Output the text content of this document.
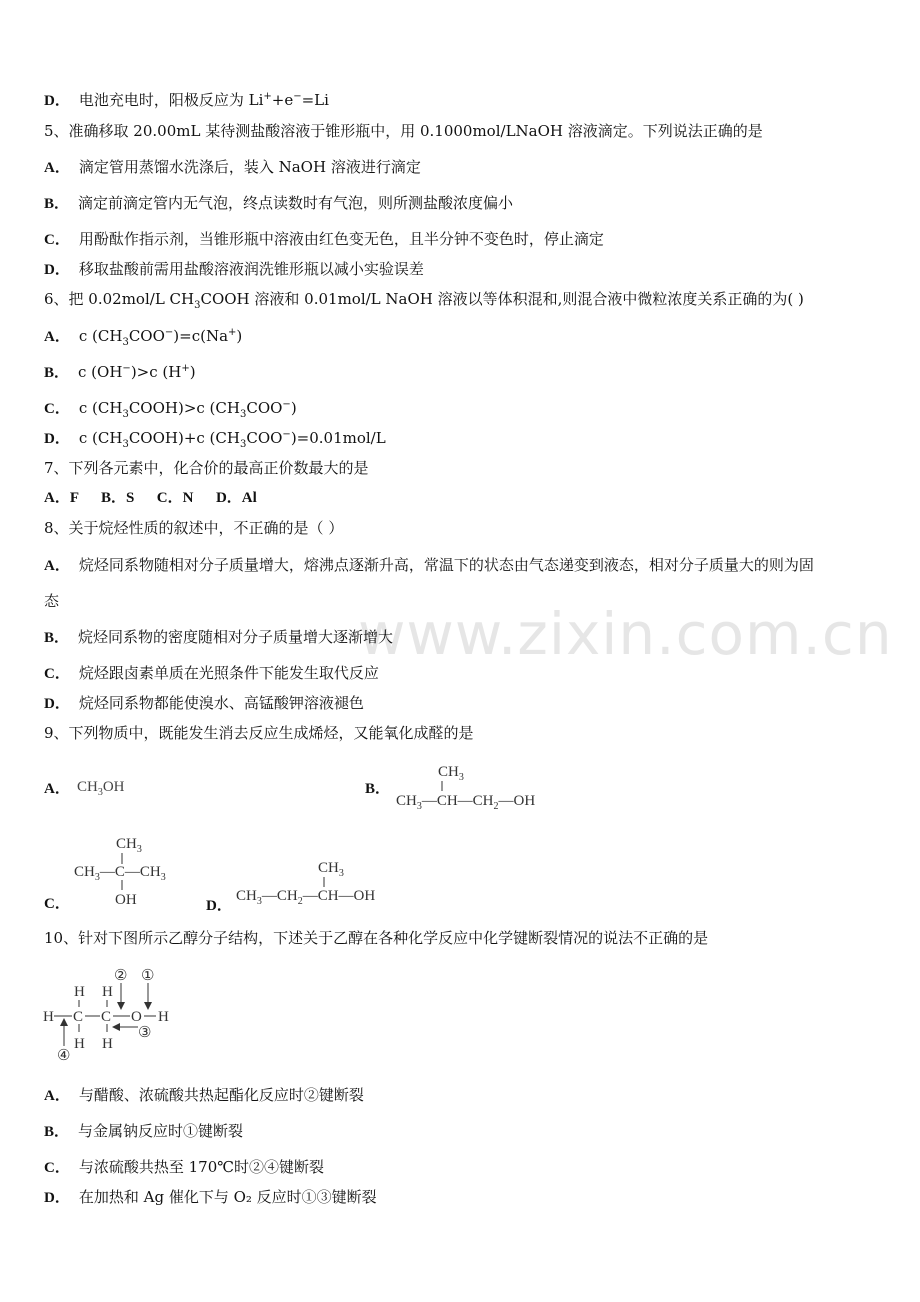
www.zixin.com.cn
D． 电池充电时，阳极反应为 Li++e−=Li
5、准确移取 20.00mL 某待测盐酸溶液于锥形瓶中，用 0.1000mol/LNaOH 溶液滴定。下列说法正确的是
A． 滴定管用蒸馏水洗涤后，装入 NaOH 溶液进行滴定
B． 滴定前滴定管内无气泡，终点读数时有气泡，则所测盐酸浓度偏小
C． 用酚酞作指示剂，当锥形瓶中溶液由红色变无色，且半分钟不变色时，停止滴定
D． 移取盐酸前需用盐酸溶液润洗锥形瓶以减小实验误差
6、把 0.02mol/L $CH_3COOH$ 溶液和 0.01mol/L NaOH 溶液以等体积混和,则混合液中微粒浓度关系正确的为( )
A． c $(CH_3COO^-)=c(Na^+)$
B． c (OH−)>c (H+)
C． c $(CH_3COOH)>c$ $(CH_3COO^-)$
D． c $(CH_3COOH)+c$ $(CH_3COO^-)=0.01mol/L$
7、下列各元素中，化合价的最高正价数最大的是
A．F      B．S      C．N      D．Al
8、关于烷烃性质的叙述中，不正确的是（ ）
A． 烷烃同系物随相对分子质量增大，熔沸点逐渐升高，常温下的状态由气态递变到液态，相对分子质量大的则为固
态
B． 烷烃同系物的密度随相对分子质量增大逐渐增大
C． 烷烃跟卤素单质在光照条件下能发生取代反应
D． 烷烃同系物都能使溴水、高锰酸钾溶液褪色
9、下列物质中，既能发生消去反应生成烯烃，又能氧化成醛的是
A． $CH_3OH$	B．
$CH_3$
$CH_3—CH—CH_2—OH$
C．
$CH_3$
$CH_3—C—CH_3$
OH	D．
$CH_3$
$CH_3—CH_2—CH—OH$
10、针对下图所示乙醇分子结构，下述关于乙醇在各种化学反应中化学键断裂情况的说法不正确的是
H H
H C C O H
H H
② ①
③
④
A． 与醋酸、浓硫酸共热起酯化反应时②键断裂
B． 与金属钠反应时①键断裂
C． 与浓硫酸共热至 170℃时②④键断裂
D． 在加热和 Ag 催化下与 O₂ 反应时①③键断裂
